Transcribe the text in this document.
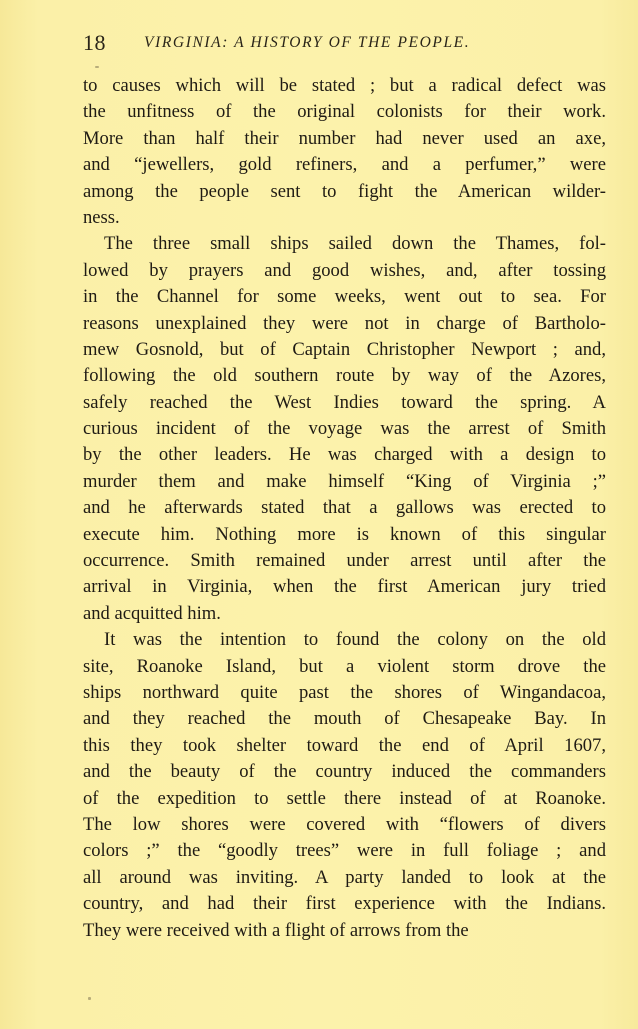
18 VIRGINIA: A HISTORY OF THE PEOPLE.
to causes which will be stated ; but a radical defect was
the unfitness of the original colonists for their work.
More than half their number had never used an axe,
and “jewellers, gold refiners, and a perfumer,” were
among the people sent to fight the American wilder-
ness.
The three small ships sailed down the Thames, fol-
lowed by prayers and good wishes, and, after tossing
in the Channel for some weeks, went out to sea. For
reasons unexplained they were not in charge of Bartholo-
mew Gosnold, but of Captain Christopher Newport ; and,
following the old southern route by way of the Azores,
safely reached the West Indies toward the spring. A
curious incident of the voyage was the arrest of Smith
by the other leaders. He was charged with a design to
murder them and make himself “King of Virginia ;”
and he afterwards stated that a gallows was erected to
execute him. Nothing more is known of this singular
occurrence. Smith remained under arrest until after the
arrival in Virginia, when the first American jury tried
and acquitted him.
It was the intention to found the colony on the old
site, Roanoke Island, but a violent storm drove the
ships northward quite past the shores of Wingandacoa,
and they reached the mouth of Chesapeake Bay. In
this they took shelter toward the end of April 1607,
and the beauty of the country induced the commanders
of the expedition to settle there instead of at Roanoke.
The low shores were covered with “flowers of divers
colors ;” the “goodly trees” were in full foliage ; and
all around was inviting. A party landed to look at the
country, and had their first experience with the Indians.
They were received with a flight of arrows from the
